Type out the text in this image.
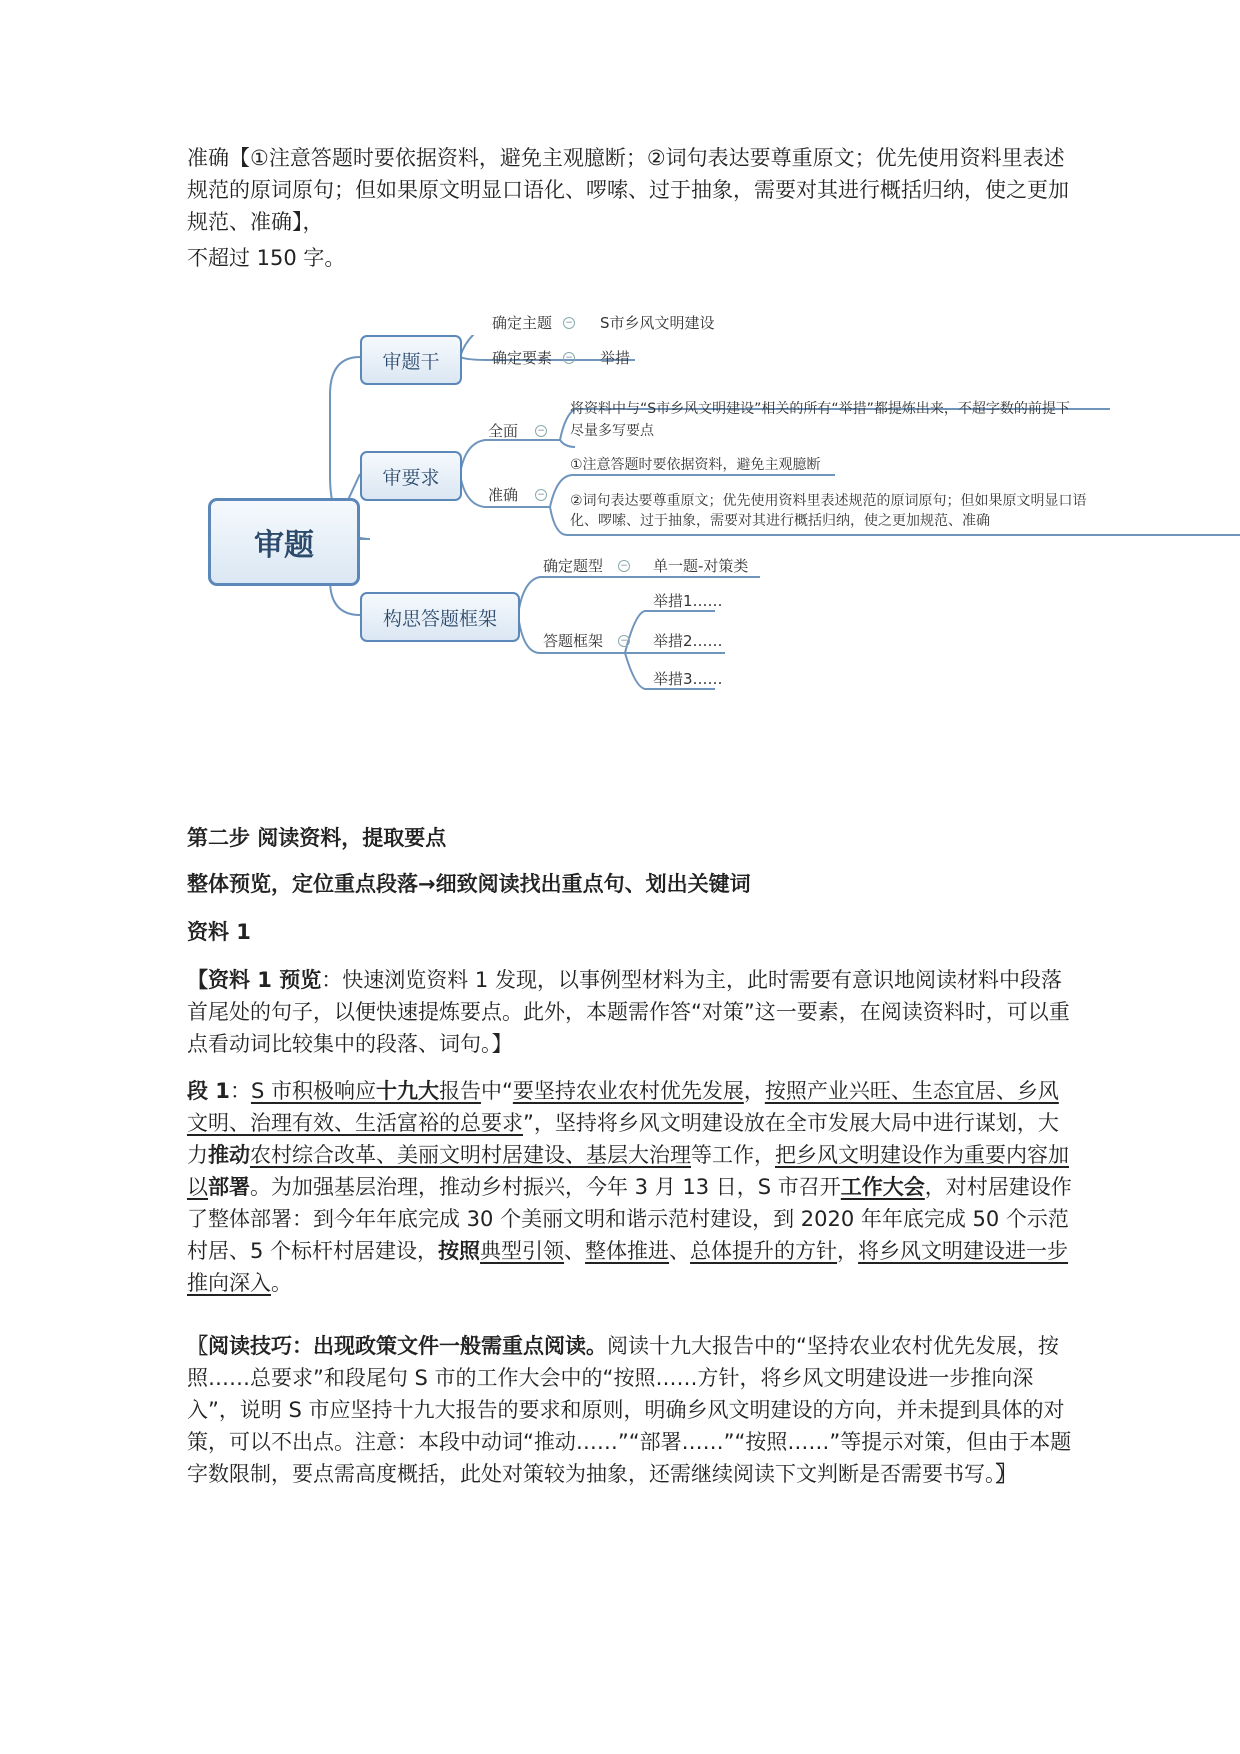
准确【①注意答题时要依据资料，避免主观臆断；②词句表达要尊重原文；优先使用资料里表述规范的原词原句；但如果原文明显口语化、啰嗦、过于抽象，需要对其进行概括归纳，使之更加规范、准确】，

不超过 150 字。

审题
审题干
确定主题 − S市乡风文明建设
确定要素 − 举措
审要求
全面 −
将资料中与“S市乡风文明建设”相关的所有“举措”都提炼出来，不超字数的前提下
尽量多写要点
准确 −
①注意答题时要依据资料，避免主观臆断
②词句表达要尊重原文；优先使用资料里表述规范的原词原句；但如果原文明显口语
化、啰嗦、过于抽象，需要对其进行概括归纳，使之更加规范、准确
构思答题框架
确定题型 − 单一题-对策类
答题框架 −
举措1……
举措2……
举措3……
第二步 阅读资料，提取要点
整体预览，定位重点段落→细致阅读找出重点句、划出关键词
资料 1

【资料 1 预览：快速浏览资料 1 发现，以事例型材料为主，此时需要有意识地阅读材料中段落首尾处的句子，以便快速提炼要点。此外，本题需作答“对策”这一要素，在阅读资料时，可以重点看动词比较集中的段落、词句。】

段 1：S 市积极响应十九大报告中“要坚持农业农村优先发展，按照产业兴旺、生态宜居、乡风文明、治理有效、生活富裕的总要求”，坚持将乡风文明建设放在全市发展大局中进行谋划，大力推动农村综合改革、美丽文明村居建设、基层大治理等工作，把乡风文明建设作为重要内容加以部署。为加强基层治理，推动乡村振兴，今年 3 月 13 日，S 市召开工作大会，对村居建设作了整体部署：到今年年底完成 30 个美丽文明和谐示范村建设，到 2020 年年底完成 50 个示范村居、5 个标杆村居建设，按照典型引领、整体推进、总体提升的方针，将乡风文明建设进一步推向深入。

〖阅读技巧：出现政策文件一般需重点阅读。阅读十九大报告中的“坚持农业农村优先发展，按照……总要求”和段尾句 S 市的工作大会中的“按照……方针，将乡风文明建设进一步推向深入”，说明 S 市应坚持十九大报告的要求和原则，明确乡风文明建设的方向，并未提到具体的对策，可以不出点。注意：本段中动词“推动……”“部署……”“按照……”等提示对策，但由于本题字数限制，要点需高度概括，此处对策较为抽象，还需继续阅读下文判断是否需要书写。〗
